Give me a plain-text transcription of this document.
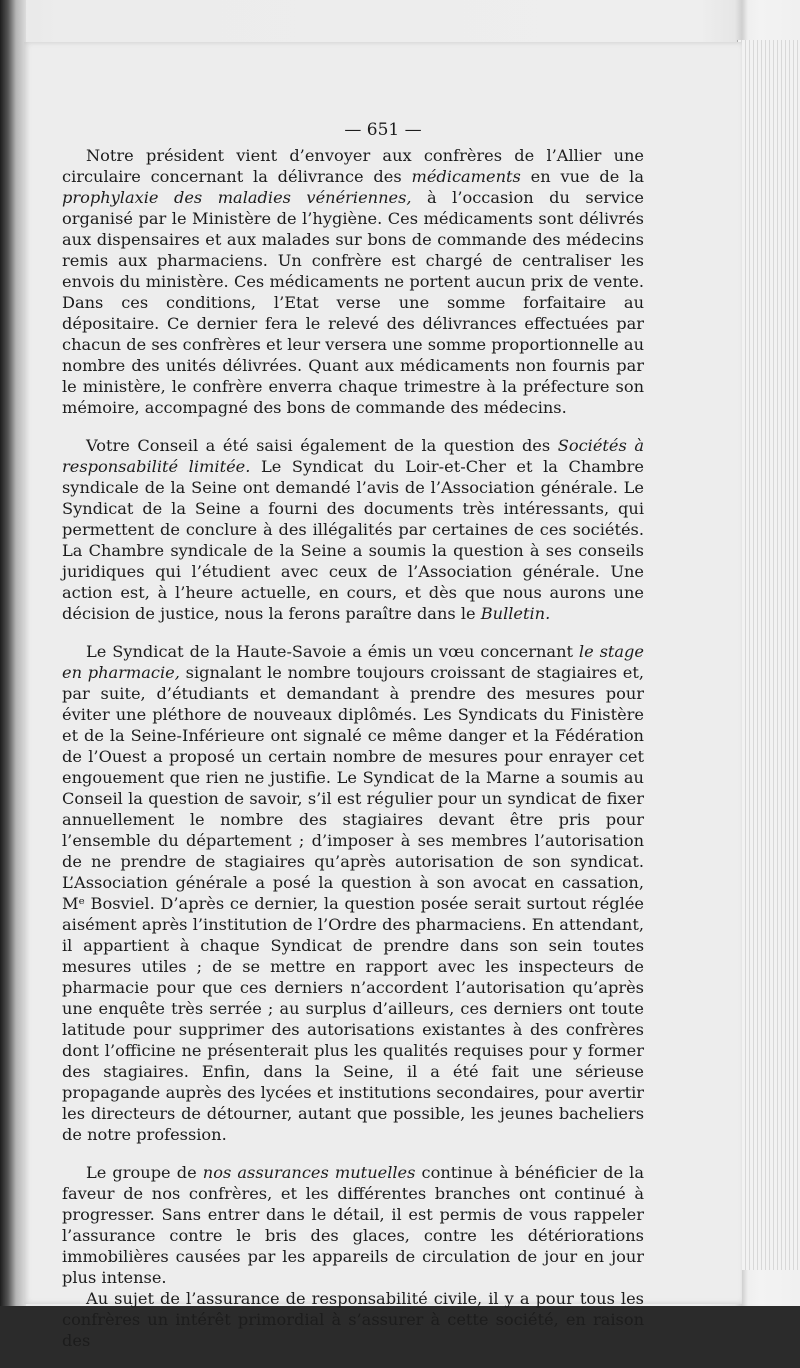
— 651 —

Notre président vient d’envoyer aux confrères de l’Allier une circulaire concernant la délivrance des médicaments en vue de la prophylaxie des maladies vénériennes, à l’occasion du service organisé par le Ministère de l’hygiène. Ces médicaments sont délivrés aux dispensaires et aux malades sur bons de commande des médecins remis aux pharmaciens. Un confrère est chargé de centraliser les envois du ministère. Ces médicaments ne portent aucun prix de vente. Dans ces conditions, l’Etat verse une somme forfaitaire au dépositaire. Ce dernier fera le relevé des délivrances effectuées par chacun de ses confrères et leur versera une somme proportionnelle au nombre des unités délivrées. Quant aux médicaments non fournis par le ministère, le confrère enverra chaque trimestre à la préfecture son mémoire, accompagné des bons de commande des médecins.

Votre Conseil a été saisi également de la question des Sociétés à responsabilité limitée. Le Syndicat du Loir-et-Cher et la Chambre syndicale de la Seine ont demandé l’avis de l’Association générale. Le Syndicat de la Seine a fourni des documents très intéressants, qui permettent de conclure à des illégalités par certaines de ces sociétés. La Chambre syndicale de la Seine a soumis la question à ses conseils juridiques qui l’étudient avec ceux de l’Association générale. Une action est, à l’heure actuelle, en cours, et dès que nous aurons une décision de justice, nous la ferons paraître dans le Bulletin.

Le Syndicat de la Haute-Savoie a émis un vœu concernant le stage en pharmacie, signalant le nombre toujours croissant de stagiaires et, par suite, d’étudiants et demandant à prendre des mesures pour éviter une pléthore de nouveaux diplômés. Les Syndicats du Finistère et de la Seine-Inférieure ont signalé ce même danger et la Fédération de l’Ouest a proposé un certain nombre de mesures pour enrayer cet engouement que rien ne justifie. Le Syndicat de la Marne a soumis au Conseil la question de savoir, s’il est régulier pour un syndicat de fixer annuellement le nombre des stagiaires devant être pris pour l’ensemble du département ; d’imposer à ses membres l’autorisation de ne prendre de stagiaires qu’après autorisation de son syndicat. L’Association générale a posé la question à son avocat en cassation, Mᵉ Bosviel. D’après ce dernier, la question posée serait surtout réglée aisément après l’institution de l’Ordre des pharmaciens. En attendant, il appartient à chaque Syndicat de prendre dans son sein toutes mesures utiles ; de se mettre en rapport avec les inspecteurs de pharmacie pour que ces derniers n’accordent l’autorisation qu’après une enquête très serrée ; au surplus d’ailleurs, ces derniers ont toute latitude pour supprimer des autorisations existantes à des confrères dont l’officine ne présenterait plus les qualités requises pour y former des stagiaires. Enfin, dans la Seine, il a été fait une sérieuse propagande auprès des lycées et institutions secondaires, pour avertir les directeurs de détourner, autant que possible, les jeunes bacheliers de notre profession.

Le groupe de nos assurances mutuelles continue à bénéficier de la faveur de nos confrères, et les différentes branches ont continué à progresser. Sans entrer dans le détail, il est permis de vous rappeler l’assurance contre le bris des glaces, contre les détériorations immobilières causées par les appareils de circulation de jour en jour plus intense.

Au sujet de l’assurance de responsabilité civile, il y a pour tous les confrères un intérêt primordial à s’assurer à cette société, en raison des
